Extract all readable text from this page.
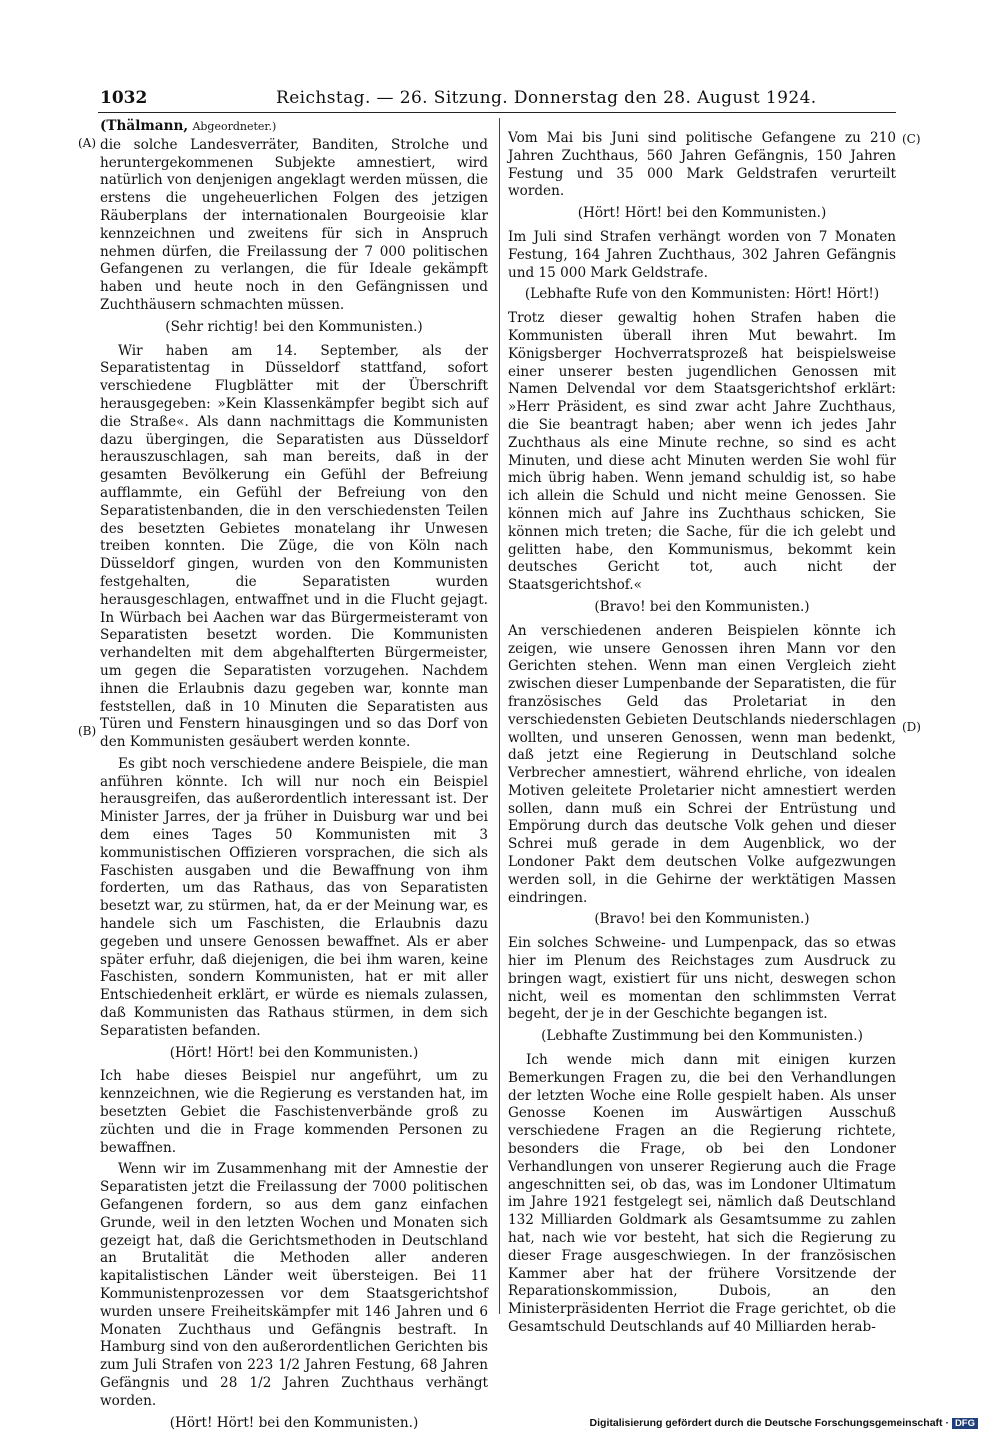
1032	Reichstag. — 26. Sitzung. Donnerstag den 28. August 1924.
(A)
(B)
(C)
(D)

(Thälmann, Abgeordneter.)

die solche Landesverräter, Banditen, Strolche und heruntergekommenen Subjekte amnestiert, wird natürlich von denjenigen angeklagt werden müssen, die erstens die ungeheuerlichen Folgen des jetzigen Räuberplans der internationalen Bourgeoisie klar kennzeichnen und zweitens für sich in Anspruch nehmen dürfen, die Freilassung der 7 000 politischen Gefangenen zu verlangen, die für Ideale gekämpft haben und heute noch in den Gefängnissen und Zuchthäusern schmachten müssen.

(Sehr richtig! bei den Kommunisten.)

Wir haben am 14. September, als der Separatistentag in Düsseldorf stattfand, sofort verschiedene Flugblätter mit der Überschrift herausgegeben: »Kein Klassenkämpfer begibt sich auf die Straße«. Als dann nachmittags die Kommunisten dazu übergingen, die Separatisten aus Düsseldorf herauszuschlagen, sah man bereits, daß in der gesamten Bevölkerung ein Gefühl der Befreiung aufflammte, ein Gefühl der Befreiung von den Separatistenbanden, die in den verschiedensten Teilen des besetzten Gebietes monatelang ihr Unwesen treiben konnten. Die Züge, die von Köln nach Düsseldorf gingen, wurden von den Kommunisten festgehalten, die Separatisten wurden herausgeschlagen, entwaffnet und in die Flucht gejagt. In Würbach bei Aachen war das Bürgermeisteramt von Separatisten besetzt worden. Die Kommunisten verhandelten mit dem abgehalfterten Bürgermeister, um gegen die Separatisten vorzugehen. Nachdem ihnen die Erlaubnis dazu gegeben war, konnte man feststellen, daß in 10 Minuten die Separatisten aus Türen und Fenstern hinausgingen und so das Dorf von den Kommunisten gesäubert werden konnte.

Es gibt noch verschiedene andere Beispiele, die man anführen könnte. Ich will nur noch ein Beispiel herausgreifen, das außerordentlich interessant ist. Der Minister Jarres, der ja früher in Duisburg war und bei dem eines Tages 50 Kommunisten mit 3 kommunistischen Offizieren vorsprachen, die sich als Faschisten ausgaben und die Bewaffnung von ihm forderten, um das Rathaus, das von Separatisten besetzt war, zu stürmen, hat, da er der Meinung war, es handele sich um Faschisten, die Erlaubnis dazu gegeben und unsere Genossen bewaffnet. Als er aber später erfuhr, daß diejenigen, die bei ihm waren, keine Faschisten, sondern Kommunisten, hat er mit aller Entschiedenheit erklärt, er würde es niemals zulassen, daß Kommunisten das Rathaus stürmen, in dem sich Separatisten befanden.

(Hört! Hört! bei den Kommunisten.)

Ich habe dieses Beispiel nur angeführt, um zu kennzeichnen, wie die Regierung es verstanden hat, im besetzten Gebiet die Faschistenverbände groß zu züchten und die in Frage kommenden Personen zu bewaffnen.

Wenn wir im Zusammenhang mit der Amnestie der Separatisten jetzt die Freilassung der 7000 politischen Gefangenen fordern, so aus dem ganz einfachen Grunde, weil in den letzten Wochen und Monaten sich gezeigt hat, daß die Gerichtsmethoden in Deutschland an Brutalität die Methoden aller anderen kapitalistischen Länder weit übersteigen. Bei 11 Kommunistenprozessen vor dem Staatsgerichtshof wurden unsere Freiheitskämpfer mit 146 Jahren und 6 Monaten Zuchthaus und Gefängnis bestraft. In Hamburg sind von den außerordentlichen Gerichten bis zum Juli Strafen von 223 1/2 Jahren Festung, 68 Jahren Gefängnis und 28 1/2 Jahren Zuchthaus verhängt worden.

(Hört! Hört! bei den Kommunisten.)

Vom Mai bis Juni sind politische Gefangene zu 210 Jahren Zuchthaus, 560 Jahren Gefängnis, 150 Jahren Festung und 35 000 Mark Geldstrafen verurteilt worden.

(Hört! Hört! bei den Kommunisten.)

Im Juli sind Strafen verhängt worden von 7 Monaten Festung, 164 Jahren Zuchthaus, 302 Jahren Gefängnis und 15 000 Mark Geldstrafe.

(Lebhafte Rufe von den Kommunisten: Hört! Hört!)

Trotz dieser gewaltig hohen Strafen haben die Kommunisten überall ihren Mut bewahrt. Im Königsberger Hochverratsprozeß hat beispielsweise einer unserer besten jugendlichen Genossen mit Namen Delvendal vor dem Staatsgerichtshof erklärt: »Herr Präsident, es sind zwar acht Jahre Zuchthaus, die Sie beantragt haben; aber wenn ich jedes Jahr Zuchthaus als eine Minute rechne, so sind es acht Minuten, und diese acht Minuten werden Sie wohl für mich übrig haben. Wenn jemand schuldig ist, so habe ich allein die Schuld und nicht meine Genossen. Sie können mich auf Jahre ins Zuchthaus schicken, Sie können mich treten; die Sache, für die ich gelebt und gelitten habe, den Kommunismus, bekommt kein deutsches Gericht tot, auch nicht der Staatsgerichtshof.«

(Bravo! bei den Kommunisten.)

An verschiedenen anderen Beispielen könnte ich zeigen, wie unsere Genossen ihren Mann vor den Gerichten stehen. Wenn man einen Vergleich zieht zwischen dieser Lumpenbande der Separatisten, die für französisches Geld das Proletariat in den verschiedensten Gebieten Deutschlands niederschlagen wollten, und unseren Genossen, wenn man bedenkt, daß jetzt eine Regierung in Deutschland solche Verbrecher amnestiert, während ehrliche, von idealen Motiven geleitete Proletarier nicht amnestiert werden sollen, dann muß ein Schrei der Entrüstung und Empörung durch das deutsche Volk gehen und dieser Schrei muß gerade in dem Augenblick, wo der Londoner Pakt dem deutschen Volke aufgezwungen werden soll, in die Gehirne der werktätigen Massen eindringen.

(Bravo! bei den Kommunisten.)

Ein solches Schweine- und Lumpenpack, das so etwas hier im Plenum des Reichstages zum Ausdruck zu bringen wagt, existiert für uns nicht, deswegen schon nicht, weil es momentan den schlimmsten Verrat begeht, der je in der Geschichte begangen ist.

(Lebhafte Zustimmung bei den Kommunisten.)

Ich wende mich dann mit einigen kurzen Bemerkungen Fragen zu, die bei den Verhandlungen der letzten Woche eine Rolle gespielt haben. Als unser Genosse Koenen im Auswärtigen Ausschuß verschiedene Fragen an die Regierung richtete, besonders die Frage, ob bei den Londoner Verhandlungen von unserer Regierung auch die Frage angeschnitten sei, ob das, was im Londoner Ultimatum im Jahre 1921 festgelegt sei, nämlich daß Deutschland 132 Milliarden Goldmark als Gesamtsumme zu zahlen hat, nach wie vor besteht, hat sich die Regierung zu dieser Frage ausgeschwiegen. In der französischen Kammer aber hat der frühere Vorsitzende der Reparationskommission, Dubois, an den Ministerpräsidenten Herriot die Frage gerichtet, ob die Gesamtschuld Deutschlands auf 40 Milliarden herab-

Digitalisierung gefördert durch die Deutsche Forschungsgemeinschaft · DFG
